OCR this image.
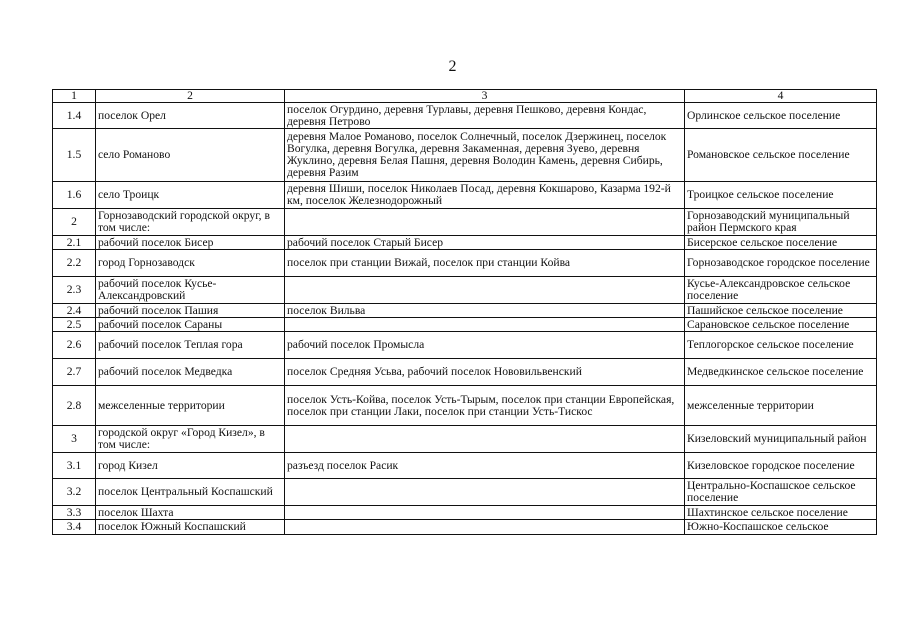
2
1	2	3	4
1.4	поселок Орел	поселок Огурдино, деревня Турлавы, деревня Пешково, деревня Кондас, деревня Петрово	Орлинское сельское поселение
1.5	село Романово	деревня Малое Романово, поселок Солнечный, поселок Дзержинец, поселок Вогулка, деревня Вогулка, деревня Закаменная, деревня Зуево, деревня Жуклино, деревня Белая Пашня, деревня Володин Камень, деревня Сибирь, деревня Разим	Романовское сельское поселение
1.6	село Троицк	деревня Шиши, поселок Николаев Посад, деревня Кокшарово, Казарма 192-й км, поселок Железнодорожный	Троицкое сельское поселение
2	Горнозаводский городской округ, в том числе:		Горнозаводский муниципальный район Пермского края
2.1	рабочий поселок Бисер	рабочий поселок Старый Бисер	Бисерское сельское поселение
2.2	город Горнозаводск	поселок при станции Вижай, поселок при станции Койва	Горнозаводское городское поселение
2.3	рабочий поселок Кусье-Александровский		Кусье-Александровское сельское поселение
2.4	рабочий поселок Пашия	поселок Вильва	Пашийское сельское поселение
2.5	рабочий поселок Сараны		Сарановское сельское поселение
2.6	рабочий поселок Теплая гора	рабочий поселок Промысла	Теплогорское сельское поселение
2.7	рабочий поселок Медведка	поселок Средняя Усьва, рабочий поселок Нововильвенский	Медведкинское сельское поселение
2.8	межселенные территории	поселок Усть-Койва, поселок Усть-Тырым, поселок при станции Европейская, поселок при станции Лаки, поселок при станции Усть-Тискос	межселенные территории
3	городской округ «Город Кизел», в том числе:		Кизеловский муниципальный район
3.1	город Кизел	разъезд поселок Расик	Кизеловское городское поселение
3.2	поселок Центральный Коспашский		Центрально-Коспашское сельское поселение
3.3	поселок Шахта		Шахтинское сельское поселение
3.4	поселок Южный Коспашский		Южно-Коспашское сельское
